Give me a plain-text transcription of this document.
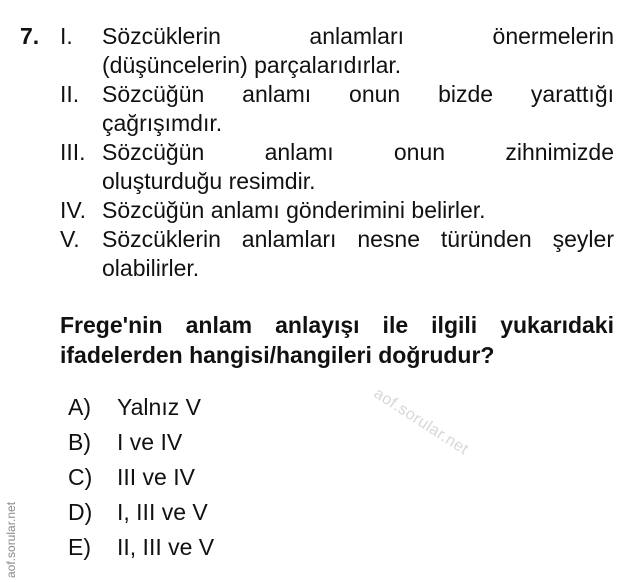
7. I.	Sözcüklerin anlamları önermelerin
(düşüncelerin) parçalarıdırlar.
II. Sözcüğün anlamı onun bizde yarattığı
çağrışımdır.
III. Sözcüğün anlamı onun zihnimizde
oluşturduğu resimdir.
IV. Sözcüğün anlamı gönderimini belirler.
V. Sözcüklerin anlamları nesne türünden şeyler
olabilirler.
Frege'nin anlam anlayışı ile ilgili yukarıdaki
ifadelerden hangisi/hangileri doğrudur?
A)	Yalnız V
B)	I ve IV
C)	III ve IV
D)	I, III ve V
E)	II, III ve V
aof.sorular.net
aof.sorular.net
